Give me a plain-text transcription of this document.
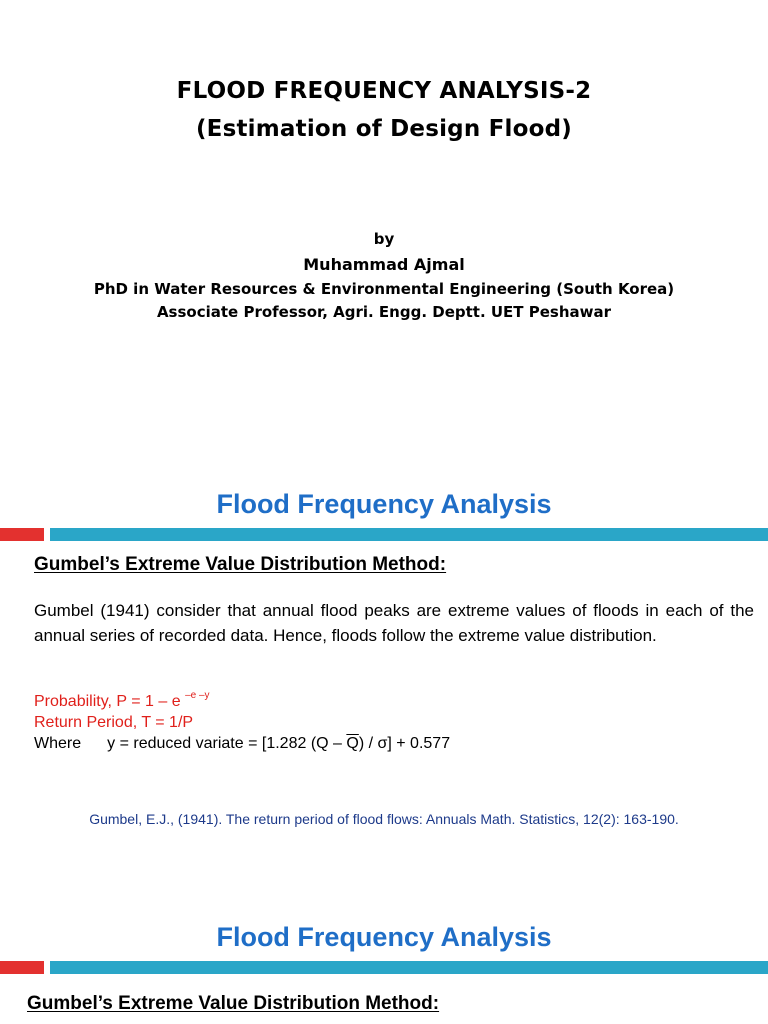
FLOOD FREQUENCY ANALYSIS-2
(Estimation of Design Flood)
by
Muhammad Ajmal
PhD in Water Resources & Environmental Engineering (South Korea)
Associate Professor, Agri. Engg. Deptt. UET Peshawar
Flood Frequency Analysis
Gumbel’s Extreme Value Distribution Method:
Gumbel (1941) consider that annual flood peaks are extreme values of floods in each of the annual series of recorded data. Hence, floods follow the extreme value distribution.
Probability, P = 1 – e $^{-e -y}$
Return Period, T = 1/P
Where y = reduced variate = [1.282 $(Q - \overline{Q}) / \sigma] + 0.577$
Gumbel, E.J., (1941). The return period of flood flows: Annuals Math. Statistics, 12(2): 163-190.
Flood Frequency Analysis
Gumbel’s Extreme Value Distribution Method:
